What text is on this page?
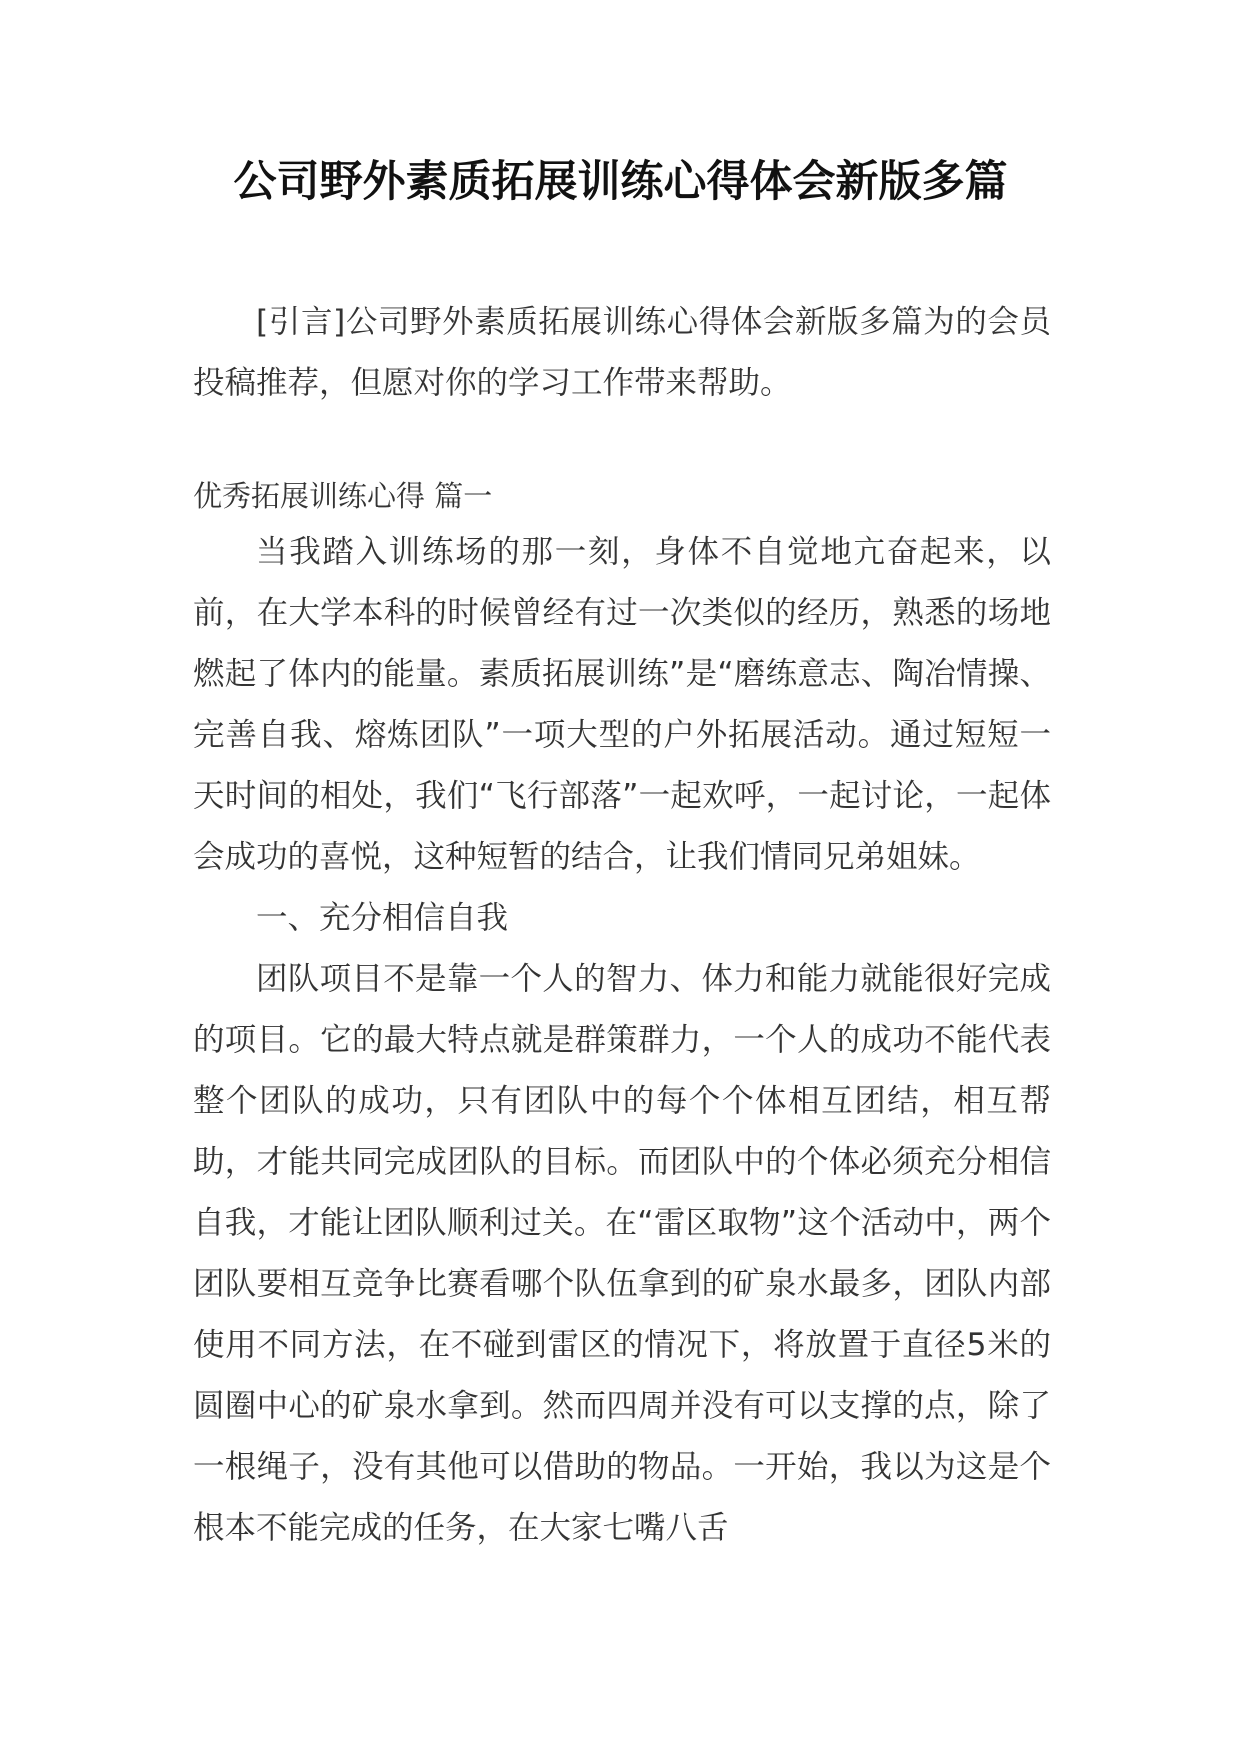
公司野外素质拓展训练心得体会新版多篇

[引言]公司野外素质拓展训练心得体会新版多篇为的会员投稿推荐，但愿对你的学习工作带来帮助。

优秀拓展训练心得 篇一

当我踏入训练场的那一刻，身体不自觉地亢奋起来，以前，在大学本科的时候曾经有过一次类似的经历，熟悉的场地燃起了体内的能量。素质拓展训练”是“磨练意志、陶冶情操、完善自我、熔炼团队”一项大型的户外拓展活动。通过短短一天时间的相处，我们“飞行部落”一起欢呼，一起讨论，一起体会成功的喜悦，这种短暂的结合，让我们情同兄弟姐妹。

一、充分相信自我

团队项目不是靠一个人的智力、体力和能力就能很好完成的项目。它的最大特点就是群策群力，一个人的成功不能代表整个团队的成功，只有团队中的每个个体相互团结，相互帮助，才能共同完成团队的目标。而团队中的个体必须充分相信自我，才能让团队顺利过关。在“雷区取物”这个活动中，两个团队要相互竞争比赛看哪个队伍拿到的矿泉水最多，团队内部使用不同方法，在不碰到雷区的情况下，将放置于直径5米的圆圈中心的矿泉水拿到。然而四周并没有可以支撑的点，除了一根绳子，没有其他可以借助的物品。一开始，我以为这是个根本不能完成的任务，在大家七嘴八舌
